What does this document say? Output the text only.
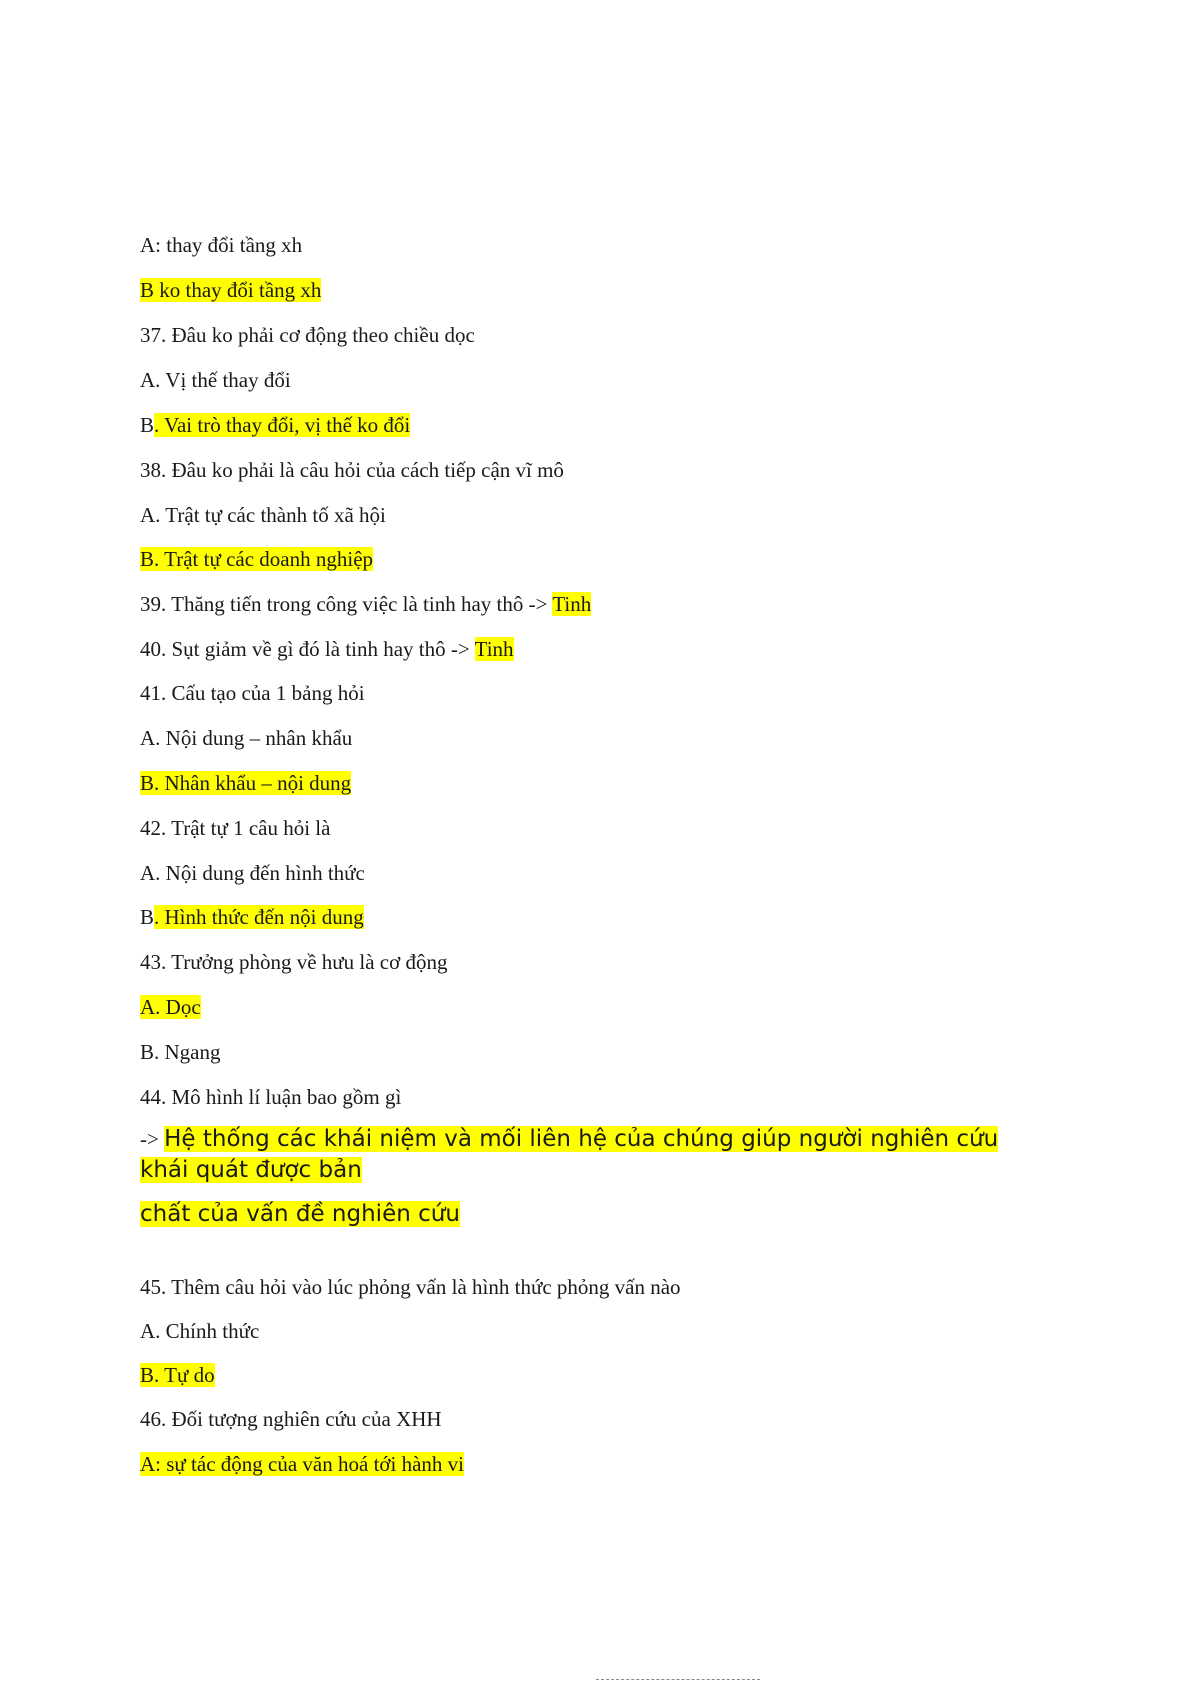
A: thay đổi tầng xh
B ko thay đổi tầng xh
37. Đâu ko phải cơ động theo chiều dọc
A. Vị thế thay đổi
B. Vai trò thay đổi, vị thế ko đổi
38. Đâu ko phải là câu hỏi của cách tiếp cận vĩ mô
A. Trật tự các thành tố xã hội
B. Trật tự các doanh nghiệp
39. Thăng tiến trong công việc là tinh hay thô -> Tinh
40. Sụt giảm về gì đó là tinh hay thô -> Tinh
41. Cấu tạo của 1 bảng hỏi
A. Nội dung – nhân khẩu
B. Nhân khẩu – nội dung
42. Trật tự 1 câu hỏi là
A. Nội dung đến hình thức
B. Hình thức đến nội dung
43. Trưởng phòng về hưu là cơ động
A. Dọc
B. Ngang
44. Mô hình lí luận bao gồm gì
-> Hệ thống các khái niệm và mối liên hệ của chúng giúp người nghiên cứu
khái quát được bản
chất của vấn đề nghiên cứu
45. Thêm câu hỏi vào lúc phỏng vấn là hình thức phỏng vấn nào
A. Chính thức
B. Tự do
46. Đối tượng nghiên cứu của XHH
A: sự tác động của văn hoá tới hành vi
